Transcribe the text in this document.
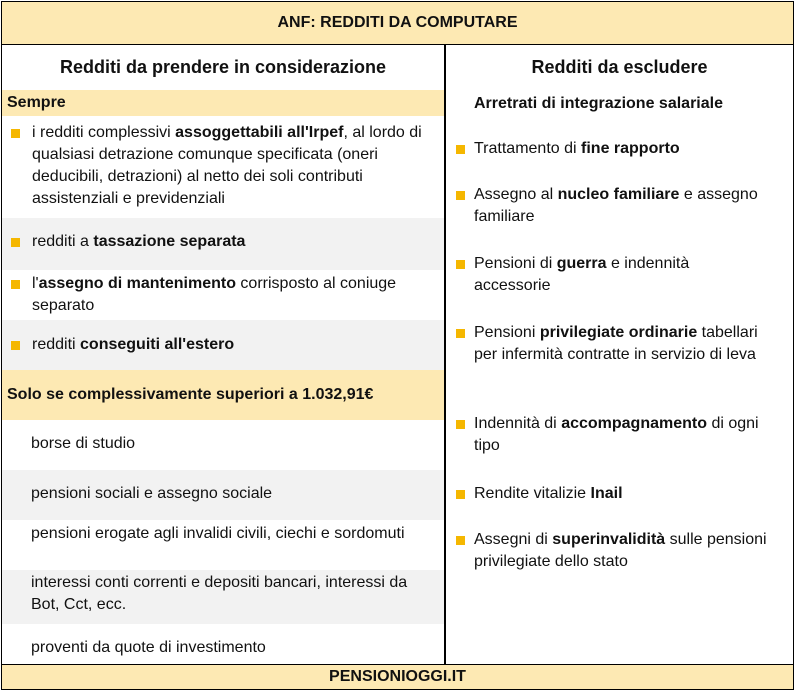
ANF: REDDITI DA COMPUTARE
Redditi da prendere in considerazione	Redditi da escludere
Sempre
i redditi complessivi assoggettabili all'Irpef, al lordo di qualsiasi detrazione comunque specificata (oneri deducibili, detrazioni) al netto dei soli contributi assistenziali e previdenziali
redditi a tassazione separata
l'assegno di mantenimento corrisposto al coniuge separato
redditi conseguiti all'estero
Solo se complessivamente superiori a 1.032,91€
borse di studio
pensioni sociali e assegno sociale
pensioni erogate agli invalidi civili, ciechi e sordomuti
interessi conti correnti e depositi bancari, interessi da Bot, Cct, ecc.
proventi da quote di investimento
Arretrati di integrazione salariale
Trattamento di fine rapporto
Assegno al nucleo familiare e assegno familiare
Pensioni di guerra e indennità accessorie
Pensioni privilegiate ordinarie tabellari per infermità contratte in servizio di leva
Indennità di accompagnamento di ogni tipo
Rendite vitalizie Inail
Assegni di superinvalidità sulle pensioni privilegiate dello stato
PENSIONIOGGI.IT
